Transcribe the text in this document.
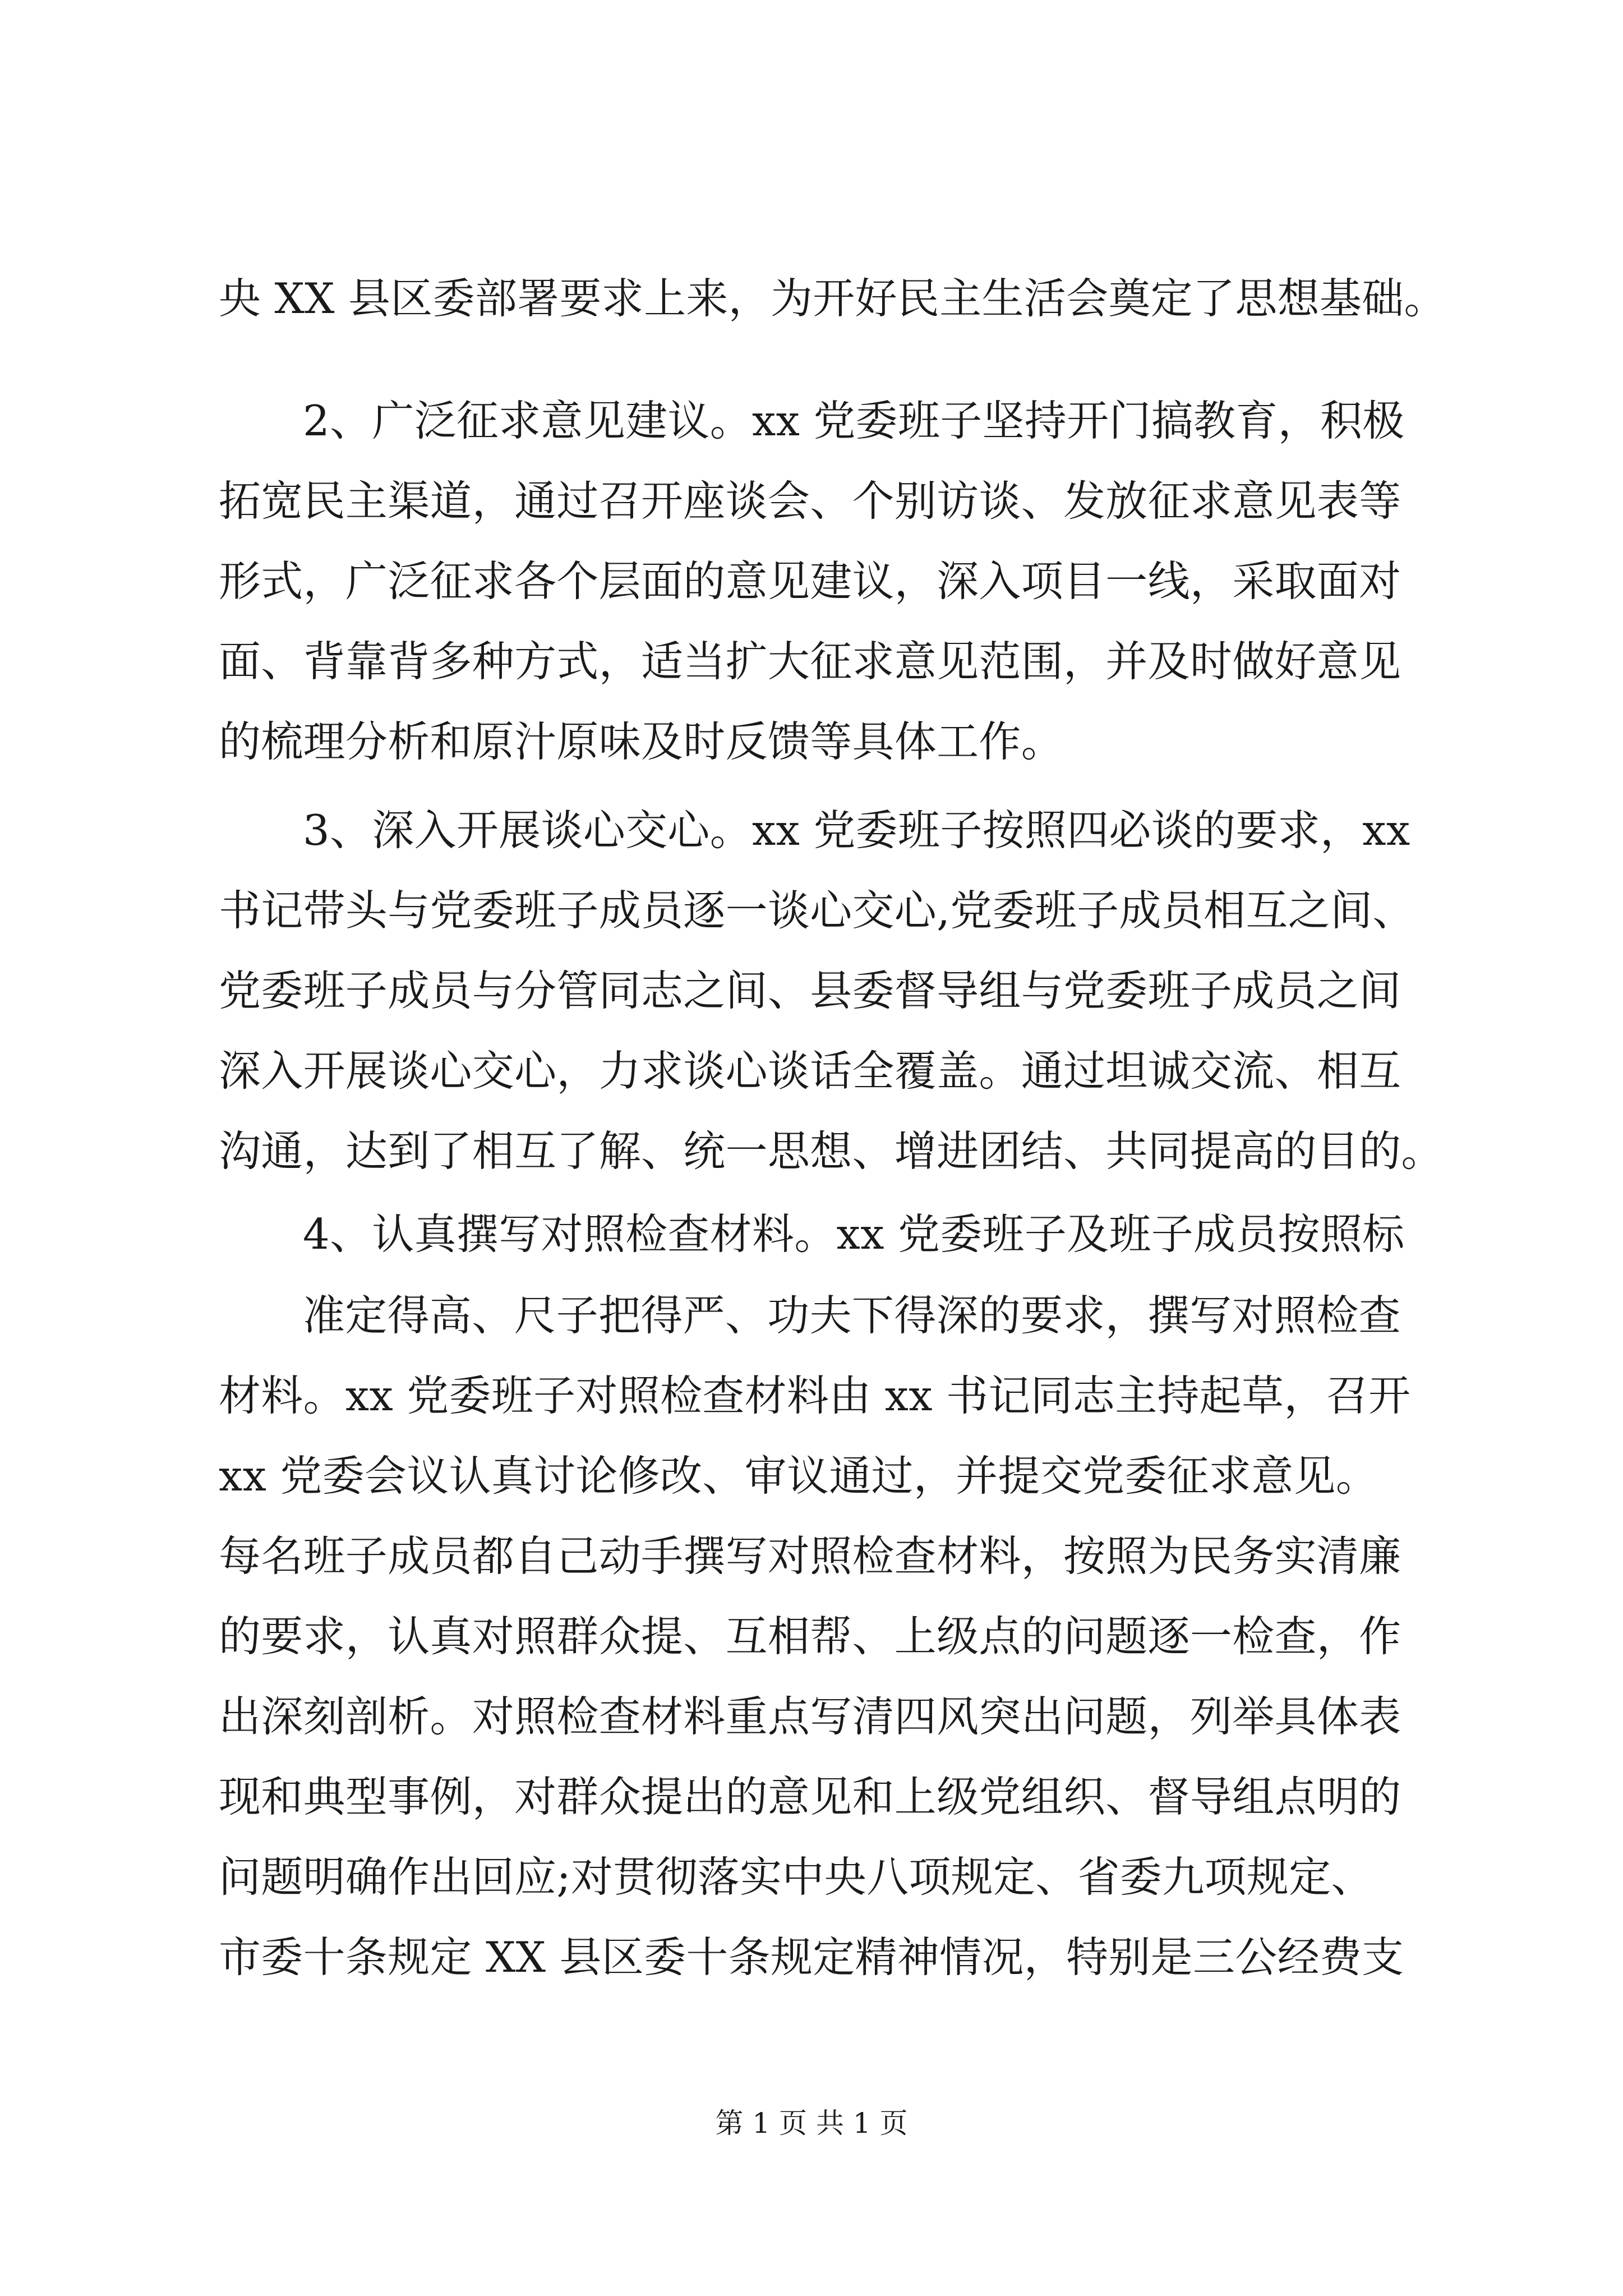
央 XX 县区委部署要求上来，为开好民主生活会奠定了思想基础。
2、广泛征求意见建议。xx 党委班子坚持开门搞教育，积极
拓宽民主渠道，通过召开座谈会、个别访谈、发放征求意见表等
形式，广泛征求各个层面的意见建议，深入项目一线，采取面对
面、背靠背多种方式，适当扩大征求意见范围，并及时做好意见
的梳理分析和原汁原味及时反馈等具体工作。
3、深入开展谈心交心。xx 党委班子按照四必谈的要求，xx
书记带头与党委班子成员逐一谈心交心,党委班子成员相互之间、
党委班子成员与分管同志之间、县委督导组与党委班子成员之间
深入开展谈心交心，力求谈心谈话全覆盖。通过坦诚交流、相互
沟通，达到了相互了解、统一思想、增进团结、共同提高的目的。
4、认真撰写对照检查材料。xx 党委班子及班子成员按照标
准定得高、尺子把得严、功夫下得深的要求，撰写对照检查
材料。xx 党委班子对照检查材料由 xx 书记同志主持起草，召开
xx 党委会议认真讨论修改、审议通过，并提交党委征求意见。
每名班子成员都自己动手撰写对照检查材料，按照为民务实清廉
的要求，认真对照群众提、互相帮、上级点的问题逐一检查，作
出深刻剖析。对照检查材料重点写清四风突出问题，列举具体表
现和典型事例，对群众提出的意见和上级党组织、督导组点明的
问题明确作出回应;对贯彻落实中央八项规定、省委九项规定、
市委十条规定 XX 县区委十条规定精神情况，特别是三公经费支
第 1 页 共 1 页
